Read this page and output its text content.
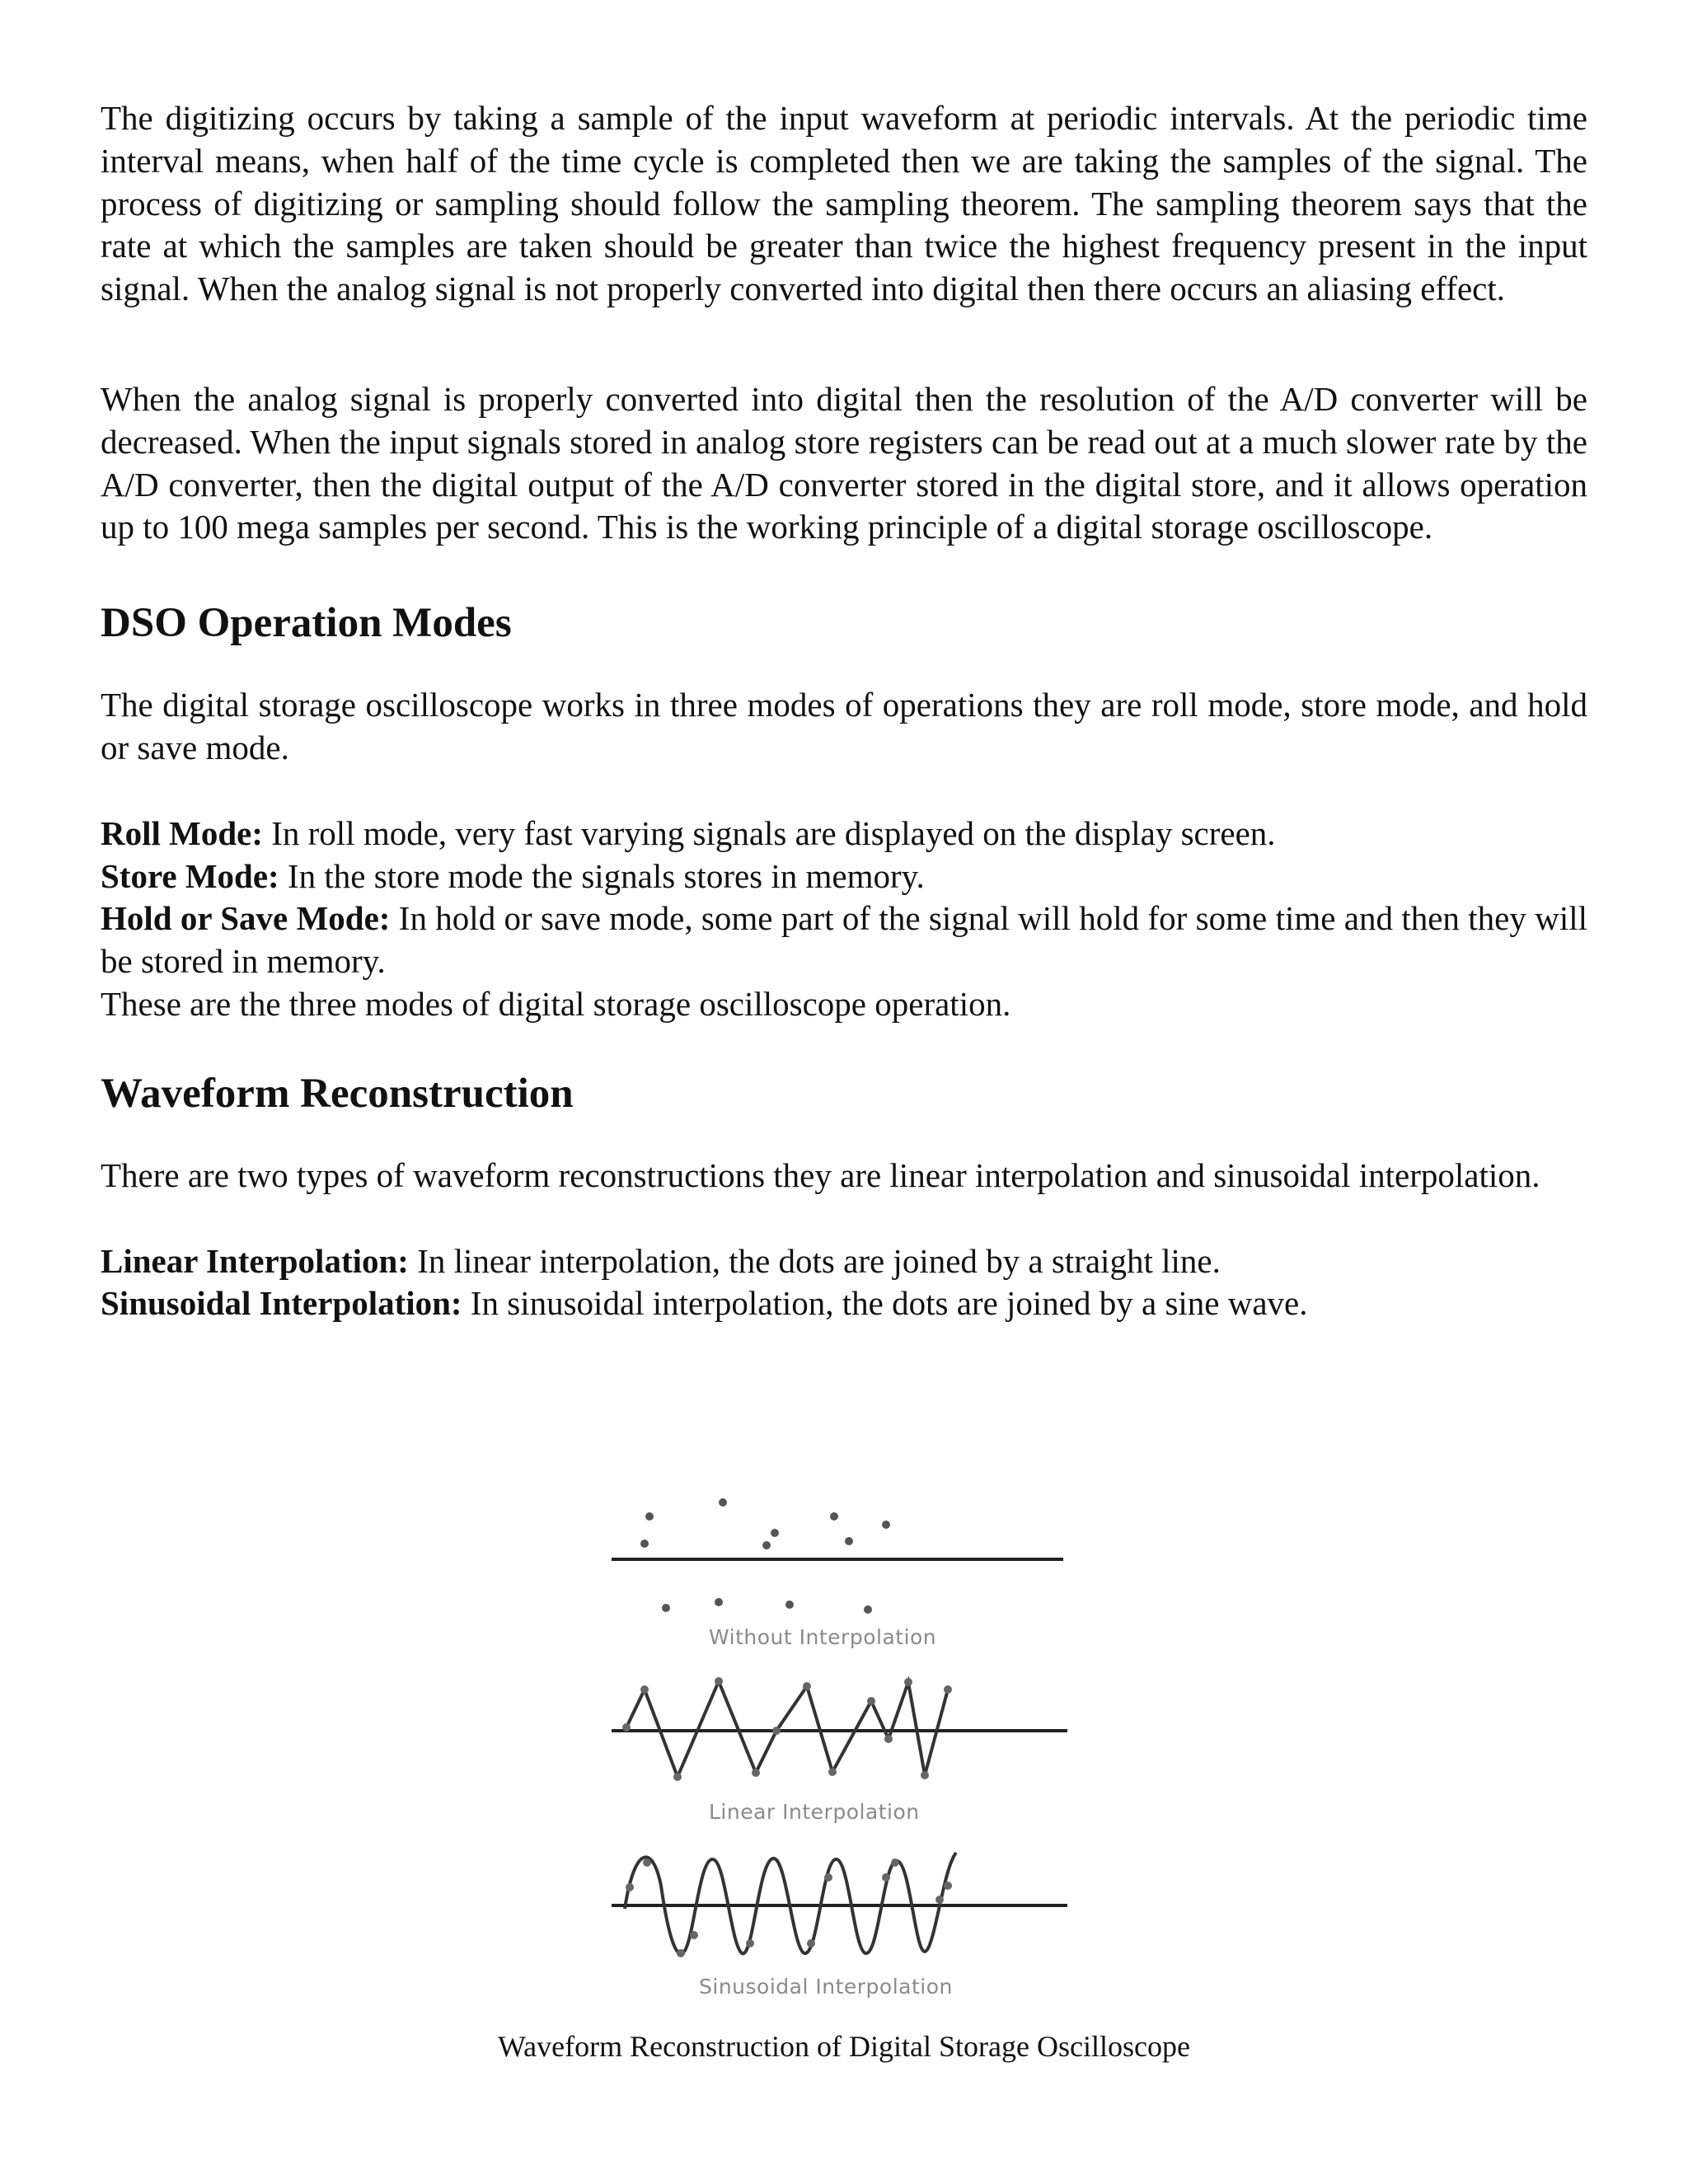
The digitizing occurs by taking a sample of the input waveform at periodic intervals. At the periodic time interval means, when half of the time cycle is completed then we are taking the samples of the signal. The process of digitizing or sampling should follow the sampling theorem. The sampling theorem says that the rate at which the samples are taken should be greater than twice the highest frequency present in the input signal. When the analog signal is not properly converted into digital then there occurs an aliasing effect.

When the analog signal is properly converted into digital then the resolution of the A/D converter will be decreased. When the input signals stored in analog store registers can be read out at a much slower rate by the A/D converter, then the digital output of the A/D converter stored in the digital store, and it allows operation up to 100 mega samples per second. This is the working principle of a digital storage oscilloscope.

DSO Operation Modes

The digital storage oscilloscope works in three modes of operations they are roll mode, store mode, and hold or save mode.

Roll Mode: In roll mode, very fast varying signals are displayed on the display screen.

Store Mode: In the store mode the signals stores in memory.

Hold or Save Mode: In hold or save mode, some part of the signal will hold for some time and then they will be stored in memory.

These are the three modes of digital storage oscilloscope operation.

Waveform Reconstruction

There are two types of waveform reconstructions they are linear interpolation and sinusoidal interpolation.

Linear Interpolation: In linear interpolation, the dots are joined by a straight line.

Sinusoidal Interpolation: In sinusoidal interpolation, the dots are joined by a sine wave.

Without Interpolation
Linear Interpolation
Sinusoidal Interpolation
Waveform Reconstruction of Digital Storage Oscilloscope
